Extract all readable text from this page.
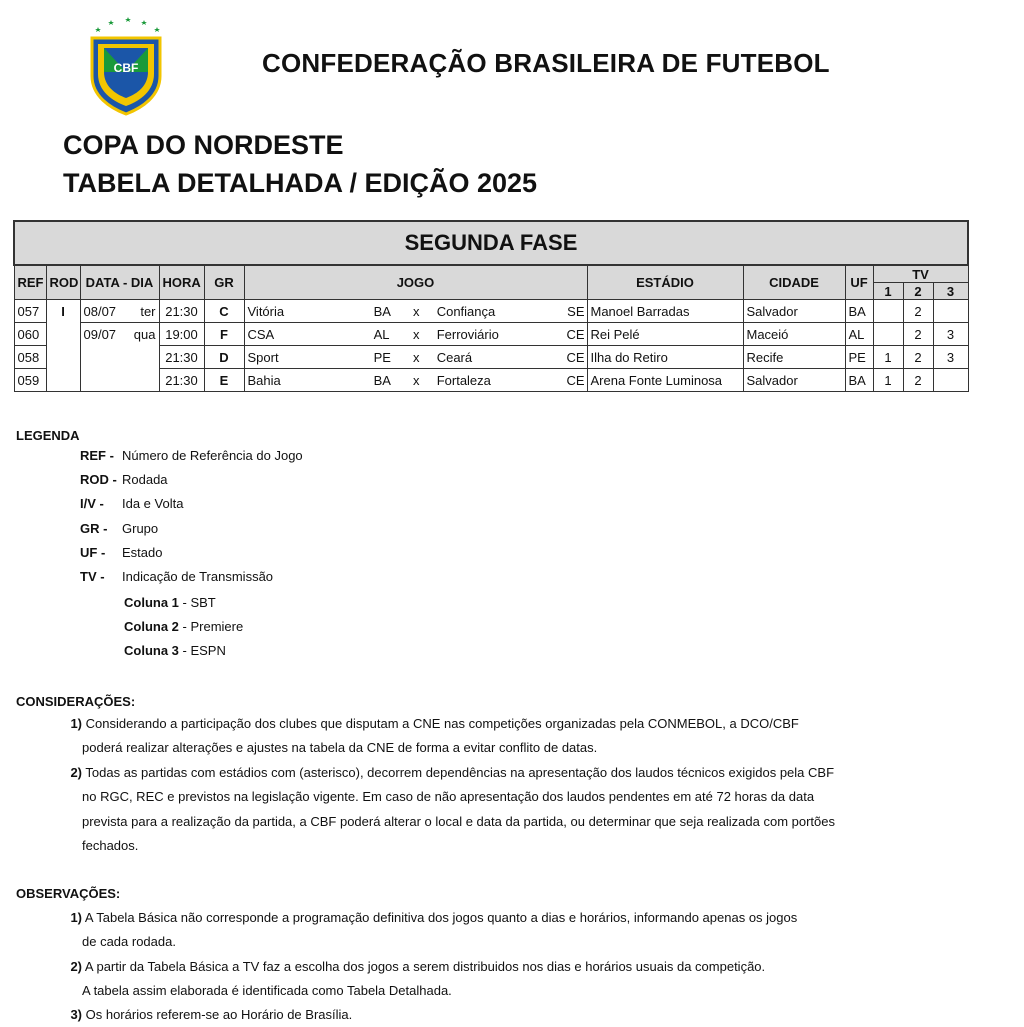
CBF	CONFEDERAÇÃO BRASILEIRA DE FUTEBOL
COPA DO NORDESTE
TABELA DETALHADA / EDIÇÃO 2025
SEGUNDA FASE											
REF	ROD	DATA - DIA	HORA	GR	JOGO	ESTÁDIO	CIDADE	UF	TV		
									1	2	3
057	I	08/07 ter	21:30	C	Vitória BA x Confiança SE	Manoel Barradas	Salvador	BA		2	
060		09/07 qua	19:00	F	CSA AL x Ferroviário CE	Rei Pelé	Maceió	AL		2	3
058			21:30	D	Sport PE x Ceará CE	Ilha do Retiro	Recife	PE	1	2	3
059			21:30	E	Bahia BA x Fortaleza CE	Arena Fonte Luminosa	Salvador	BA	1	2	
LEGENDA
REF - Número de Referência do Jogo
ROD - Rodada
I/V - Ida e Volta
GR - Grupo
UF - Estado
TV - Indicação de Transmissão
Coluna 1 - SBT
Coluna 2 - Premiere
Coluna 3 - ESPN
CONSIDERAÇÕES:
1) Considerando a participação dos clubes que disputam a CNE nas competições organizadas pela CONMEBOL, a DCO/CBF
poderá realizar alterações e ajustes na tabela da CNE de forma a evitar conflito de datas.
2) Todas as partidas com estádios com (asterisco), decorrem dependências na apresentação dos laudos técnicos exigidos pela CBF
no RGC, REC e previstos na legislação vigente. Em caso de não apresentação dos laudos pendentes em até 72 horas da data
prevista para a realização da partida, a CBF poderá alterar o local e data da partida, ou determinar que seja realizada com portões
fechados.
OBSERVAÇÕES:
1) A Tabela Básica não corresponde a programação definitiva dos jogos quanto a dias e horários, informando apenas os jogos
de cada rodada.
2) A partir da Tabela Básica a TV faz a escolha dos jogos a serem distribuidos nos dias e horários usuais da competição.
A tabela assim elaborada é identificada como Tabela Detalhada.
3) Os horários referem-se ao Horário de Brasília.
